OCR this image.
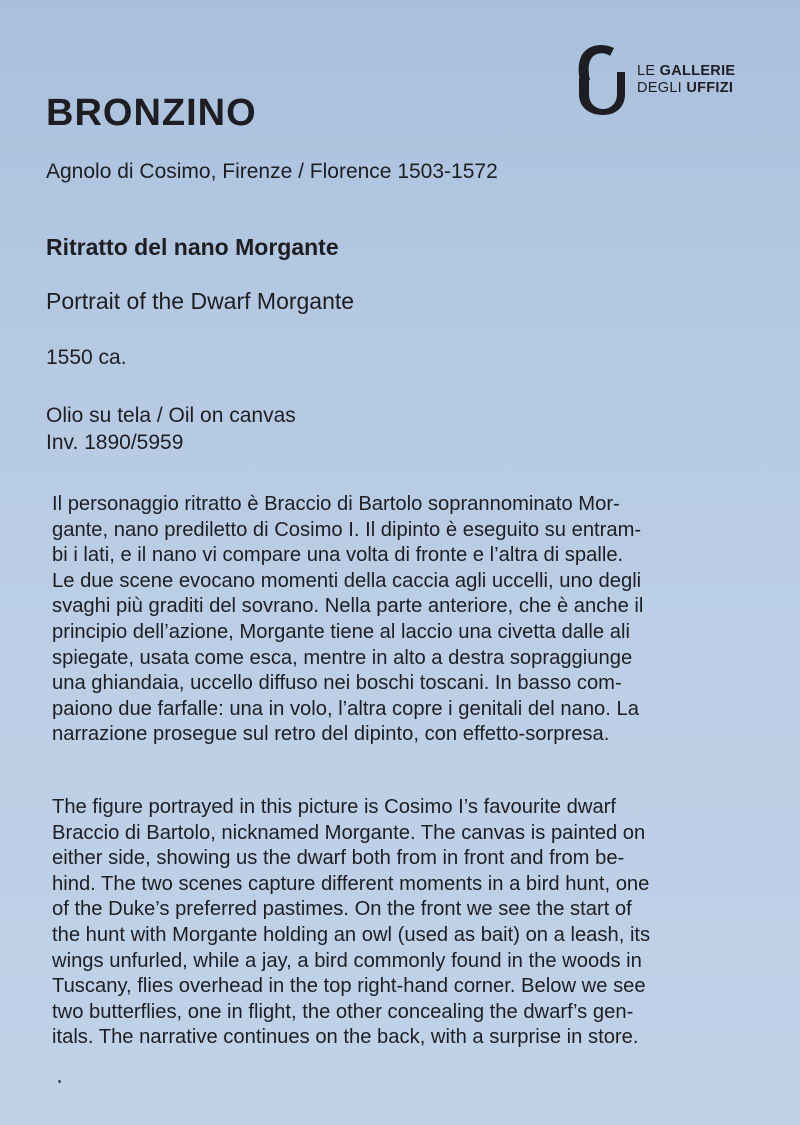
LE GALLERIE
DEGLI UFFIZI
BRONZINO
Agnolo di Cosimo, Firenze / Florence 1503-1572
Ritratto del nano Morgante
Portrait of the Dwarf Morgante
1550 ca.
Olio su tela / Oil on canvas
Inv. 1890/5959
Il personaggio ritratto è Braccio di Bartolo soprannominato Mor-
gante, nano prediletto di Cosimo I. Il dipinto è eseguito su entram-
bi i lati, e il nano vi compare una volta di fronte e l’altra di spalle.
Le due scene evocano momenti della caccia agli uccelli, uno degli
svaghi più graditi del sovrano. Nella parte anteriore, che è anche il
principio dell’azione, Morgante tiene al laccio una civetta dalle ali
spiegate, usata come esca, mentre in alto a destra sopraggiunge
una ghiandaia, uccello diffuso nei boschi toscani. In basso com-
paiono due farfalle: una in volo, l’altra copre i genitali del nano. La
narrazione prosegue sul retro del dipinto, con effetto-sorpresa.
The figure portrayed in this picture is Cosimo I’s favourite dwarf
Braccio di Bartolo, nicknamed Morgante. The canvas is painted on
either side, showing us the dwarf both from in front and from be-
hind. The two scenes capture different moments in a bird hunt, one
of the Duke’s preferred pastimes. On the front we see the start of
the hunt with Morgante holding an owl (used as bait) on a leash, its
wings unfurled, while a jay, a bird commonly found in the woods in
Tuscany, flies overhead in the top right-hand corner. Below we see
two butterflies, one in flight, the other concealing the dwarf’s gen-
itals. The narrative continues on the back, with a surprise in store.
